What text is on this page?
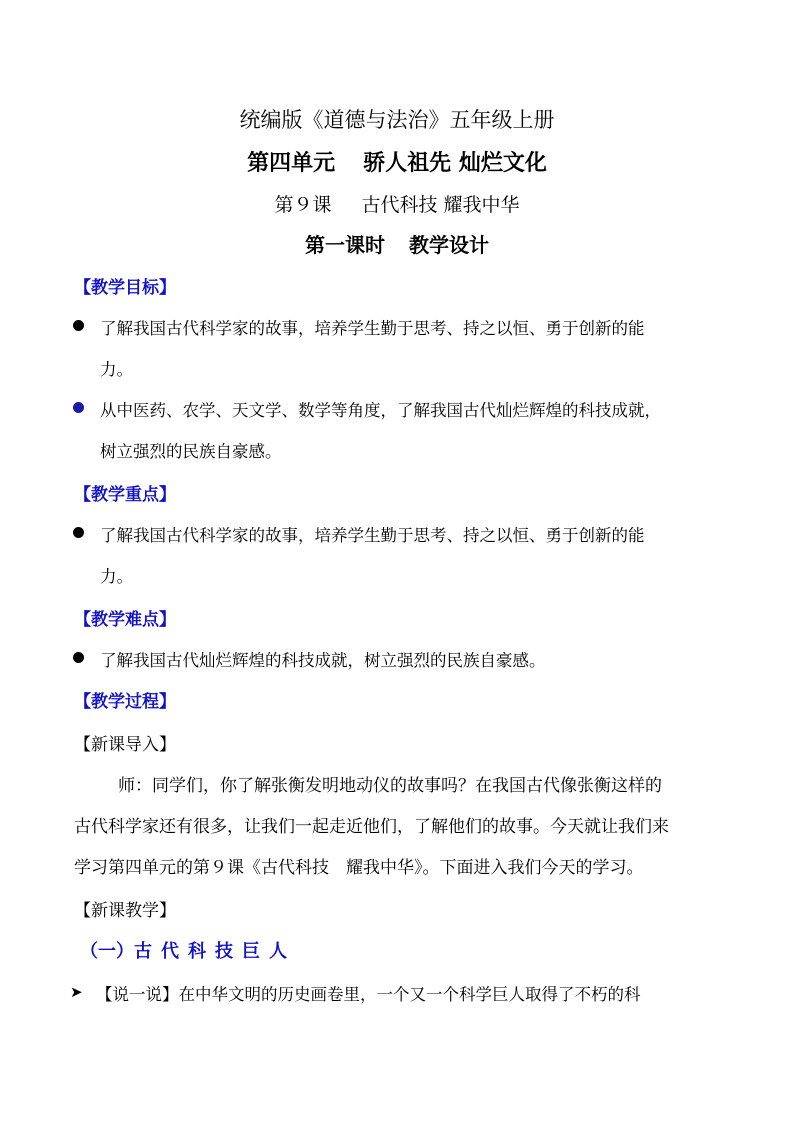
统编版《道德与法治》五年级上册
第四单元 骄人祖先 灿烂文化
第９课 古代科技 耀我中华
第一课时 教学设计
【教学目标】
了解我国古代科学家的故事，培养学生勤于思考、持之以恒、勇于创新的能
力。
从中医药、农学、天文学、数学等角度，了解我国古代灿烂辉煌的科技成就，
树立强烈的民族自豪感。
【教学重点】
了解我国古代科学家的故事，培养学生勤于思考、持之以恒、勇于创新的能
力。
【教学难点】
了解我国古代灿烂辉煌的科技成就，树立强烈的民族自豪感。
【教学过程】
【新课导入】
师：同学们，你了解张衡发明地动仪的故事吗？在我国古代像张衡这样的
古代科学家还有很多，让我们一起走近他们，了解他们的故事。今天就让我们来
学习第四单元的第９课《古代科技　耀我中华》。下面进入我们今天的学习。
【新课教学】
（一）古代科技巨人
➤ 【说一说】在中华文明的历史画卷里，一个又一个科学巨人取得了不朽的科
